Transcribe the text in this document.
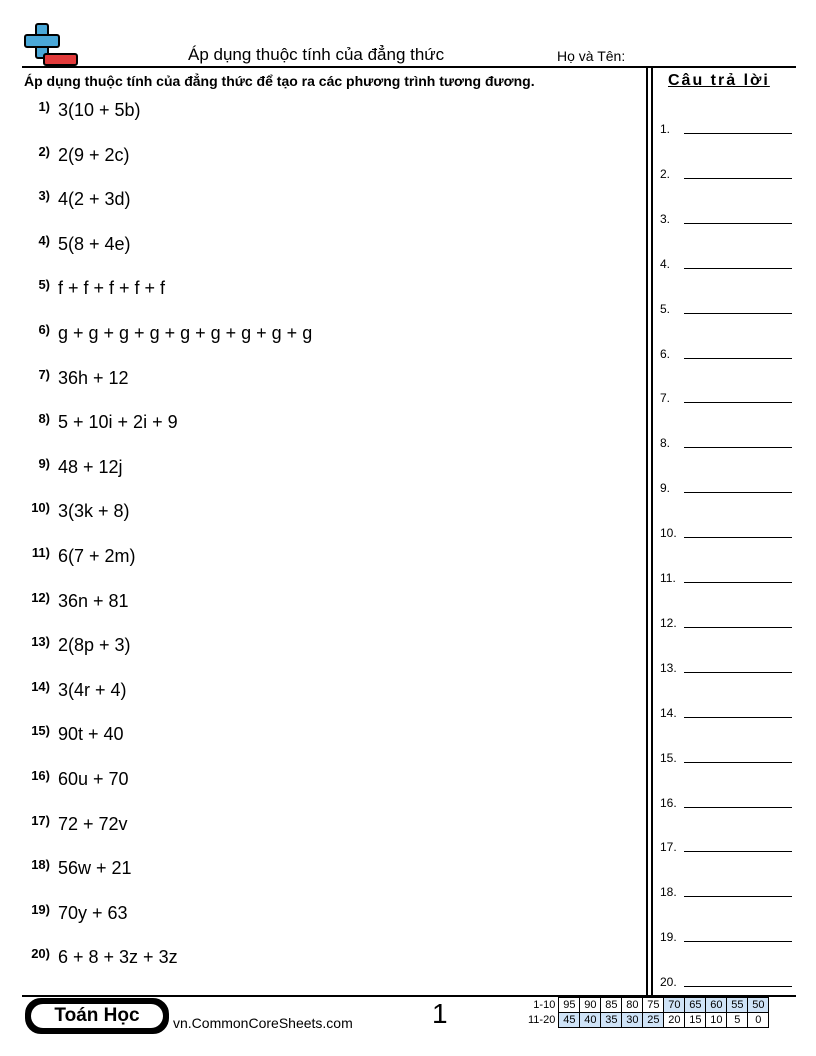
Áp dụng thuộc tính của đẳng thức	Họ và Tên:
Áp dụng thuộc tính của đẳng thức để tạo ra các phương trình tương đương.
1) 3(10 + 5b)
2) 2(9 + 2c)
3) 4(2 + 3d)
4) 5(8 + 4e)
5) f + f + f + f + f
6) g + g + g + g + g + g + g + g + g
7) 36h + 12
8) 5 + 10i + 2i + 9
9) 48 + 12j
10) 3(3k + 8)
11) 6(7 + 2m)
12) 36n + 81
13) 2(8p + 3)
14) 3(4r + 4)
15) 90t + 40
16) 60u + 70
17) 72 + 72v
18) 56w + 21
19) 70y + 63
20) 6 + 8 + 3z + 3z
Câu trả lời
1.
2.
3.
4.
5.
6.
7.
8.
9.
10.
11.
12.
13.
14.
15.
16.
17.
18.
19.
20.
Toán Học	vn.CommonCoreSheets.com	1	1-10	95	90	85	80	75	70	65	60	55	50
11-20	45	40	35	30	25	20	15	10	5	0
